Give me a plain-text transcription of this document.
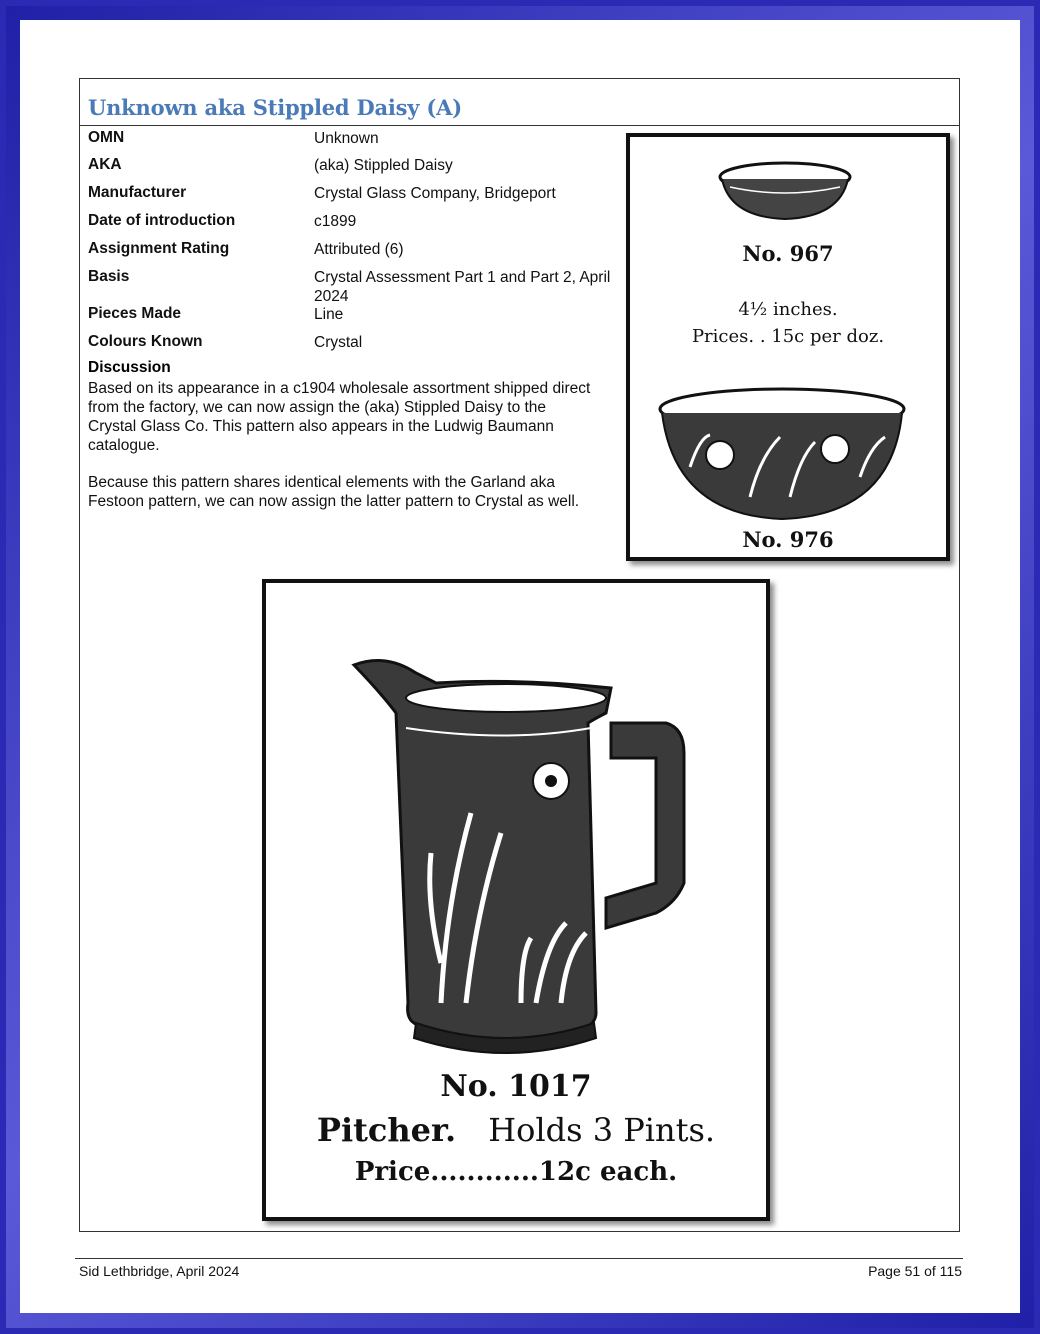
Unknown aka Stippled Daisy (A)
OMN	Unknown
AKA	(aka) Stippled Daisy
Manufacturer	Crystal Glass Company, Bridgeport
Date of introduction	c1899
Assignment Rating	Attributed (6)
Basis	Crystal Assessment Part 1 and Part 2, April 2024
Pieces Made	Line
Colours Known	Crystal
Discussion
Based on its appearance in a c1904 wholesale assortment shipped direct from the factory, we can now assign the (aka) Stippled Daisy to the Crystal Glass Co. This pattern also appears in the Ludwig Baumann catalogue.
Because this pattern shares identical elements with the Garland aka Festoon pattern, we can now assign the latter pattern to Crystal as well.
No. 967
4½ inches.
Prices. . 15c per doz.
No. 976
No. 1017
Pitcher. Holds 3 Pints.
Price............12c each.
Sid Lethbridge, April 2024	Page 51 of 115
